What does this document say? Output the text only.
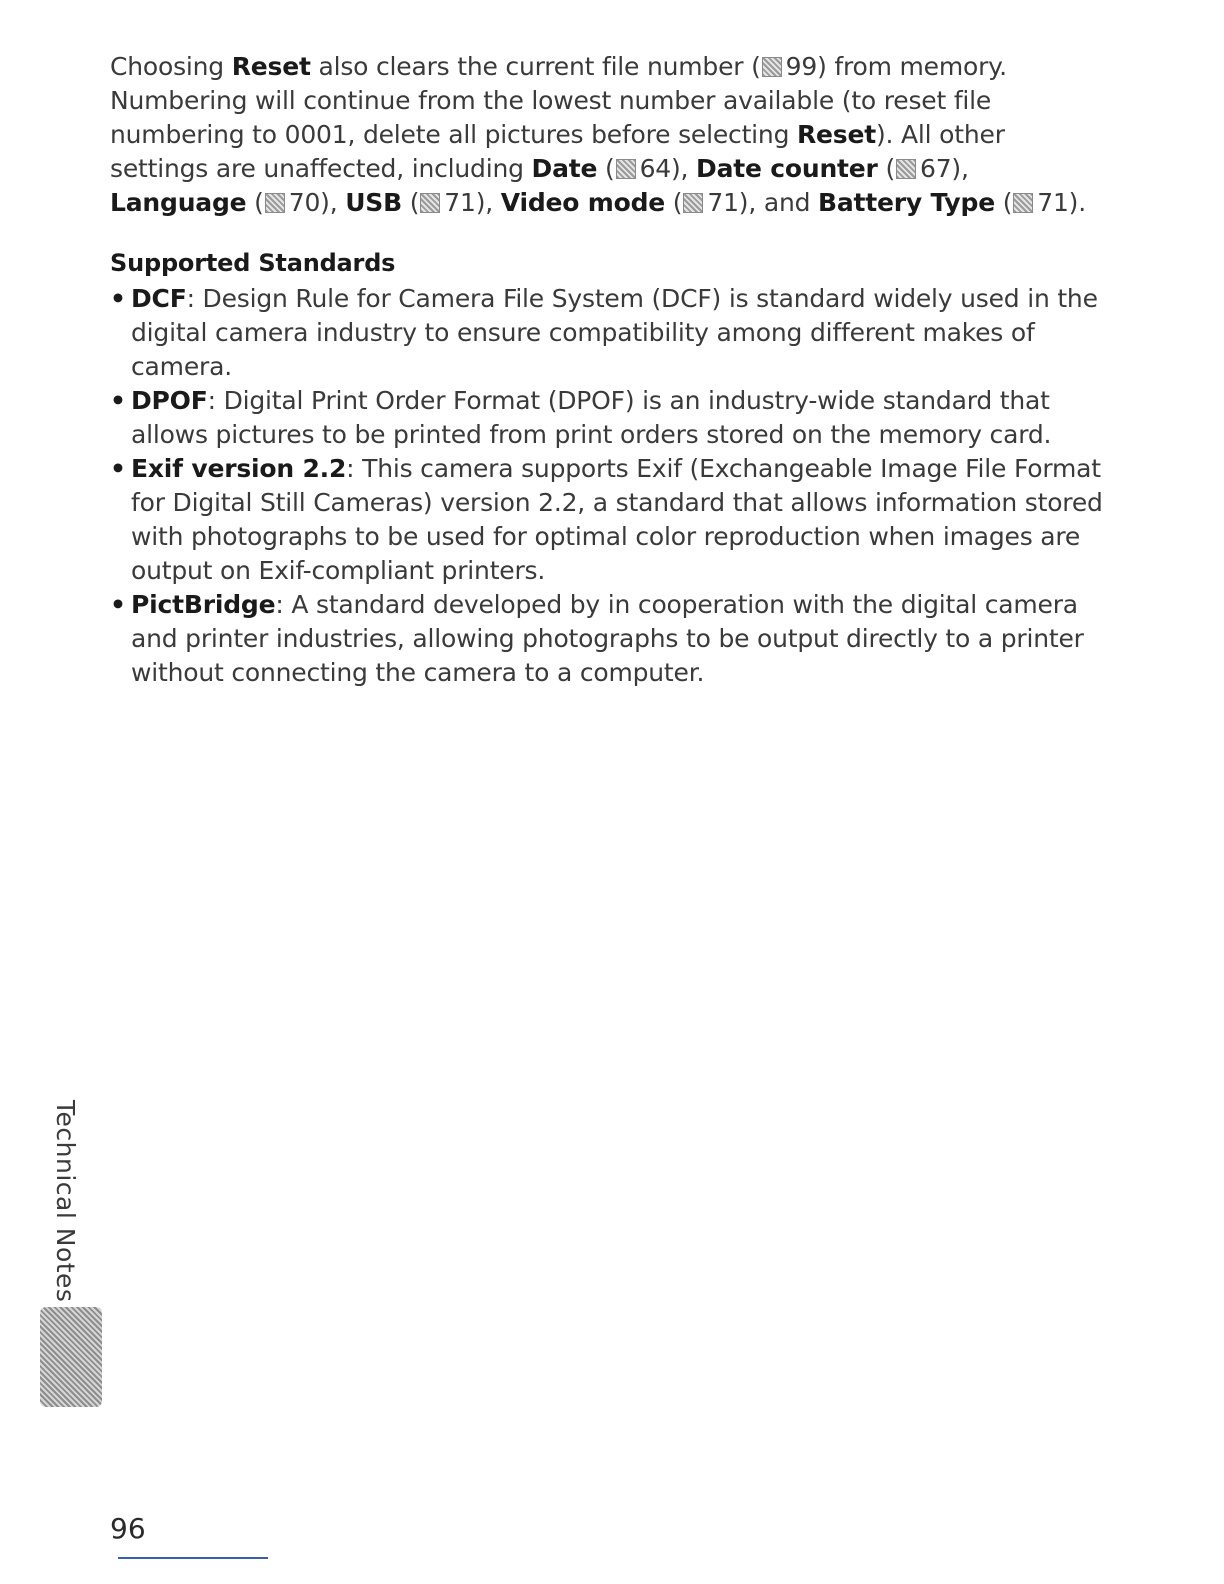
Choosing Reset also clears the current file number ( 99) from memory. Numbering will continue from the lowest number available (to reset file numbering to 0001, delete all pictures before selecting Reset). All other settings are unaffected, including Date ( 64), Date counter ( 67), Language ( 70), USB ( 71), Video mode ( 71), and Battery Type ( 71).

Supported Standards
• DCF: Design Rule for Camera File System (DCF) is standard widely used in the digital camera industry to ensure compatibility among different makes of camera.
• DPOF: Digital Print Order Format (DPOF) is an industry-wide standard that allows pictures to be printed from print orders stored on the memory card.
• Exif version 2.2: This camera supports Exif (Exchangeable Image File Format for Digital Still Cameras) version 2.2, a standard that allows information stored with photographs to be used for optimal color reproduction when images are output on Exif-compliant printers.
• PictBridge: A standard developed by in cooperation with the digital camera and printer industries, allowing photographs to be output directly to a printer without connecting the camera to a computer.
Technical Notes
96
